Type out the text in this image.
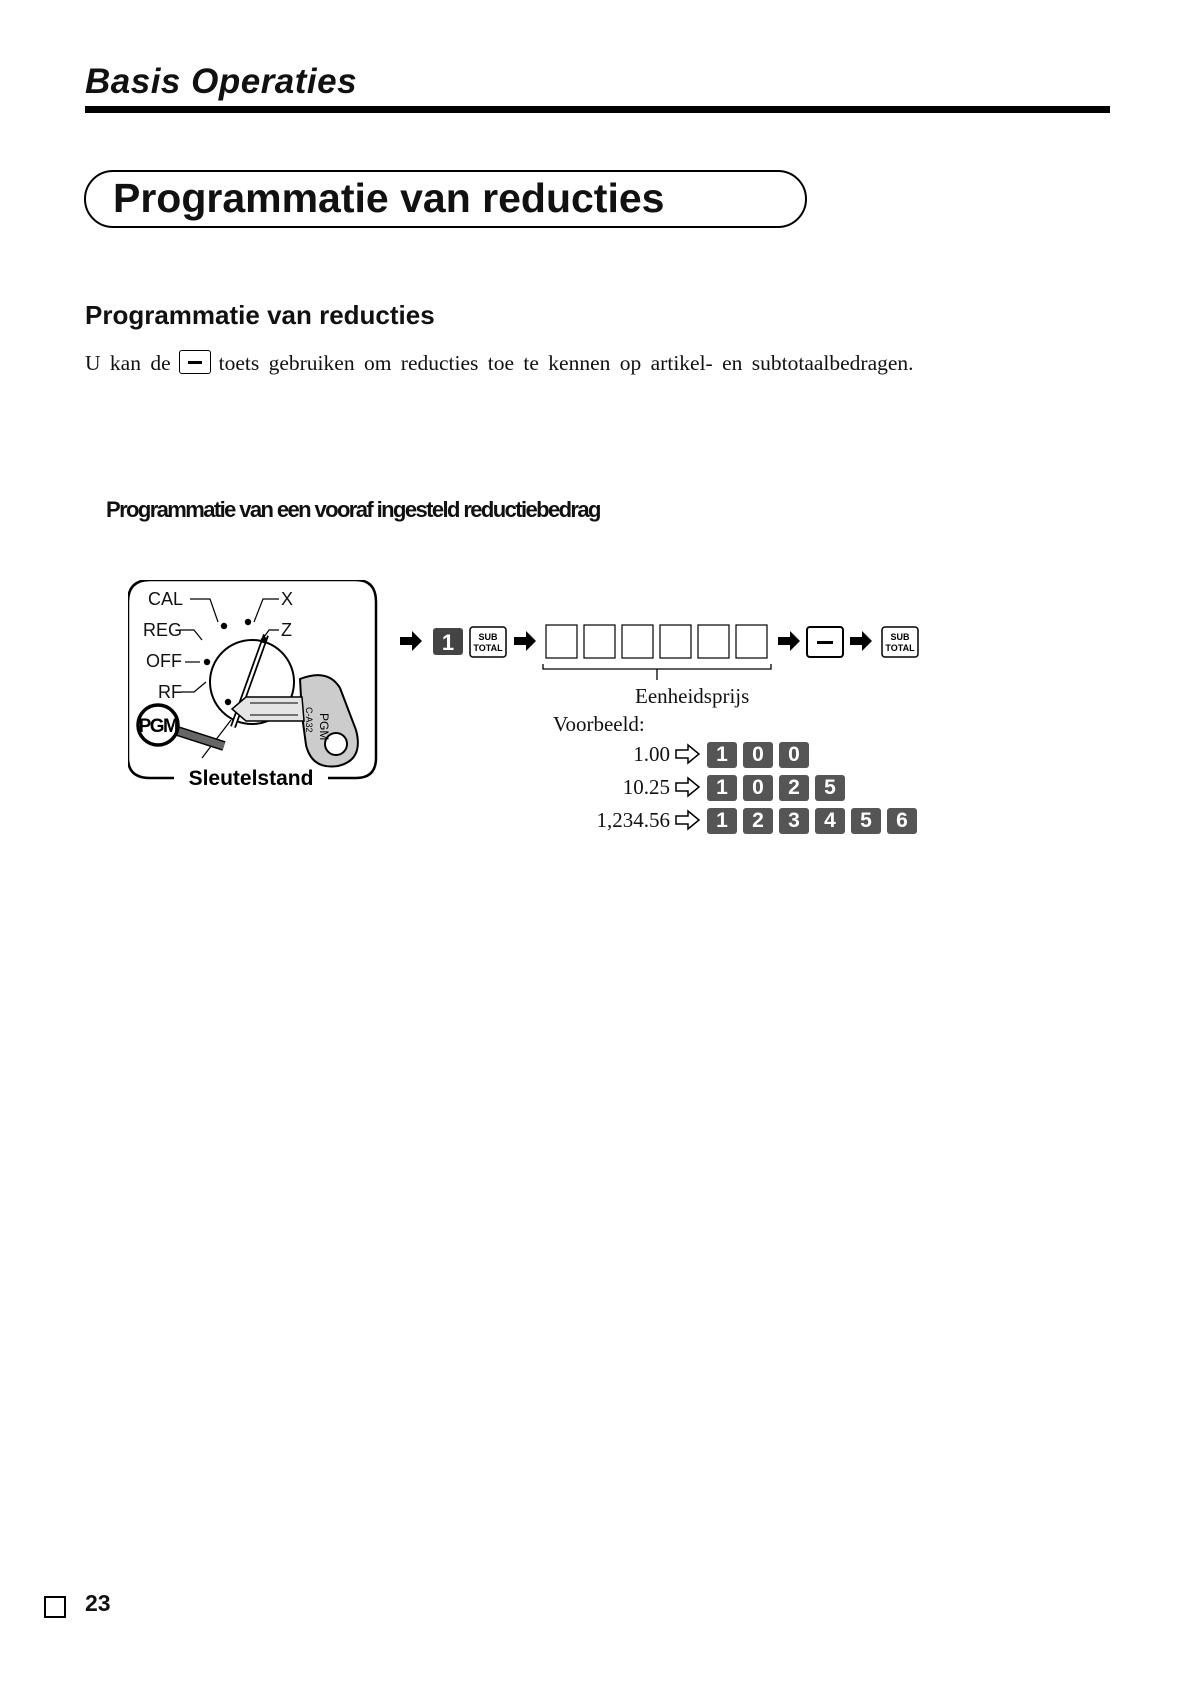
Basis Operaties
Programmatie van reducties
Programmatie van reducties

U kan de toets gebruiken om reducties toe te kennen op artikel- en subtotaalbedragen.

Programmatie van een vooraf ingesteld reductiebedrag
CAL
REG
OFF
RF
X
Z
PGM
C-A32
PGM
Sleutelstand
1	SUB
TOTAL
SUB
TOTAL

Eenheidsprijs

Voorbeeld:

1.00	1	0	0
10.25	1	0	2	5
1,234.56	1	2	3	4	5	6

23
